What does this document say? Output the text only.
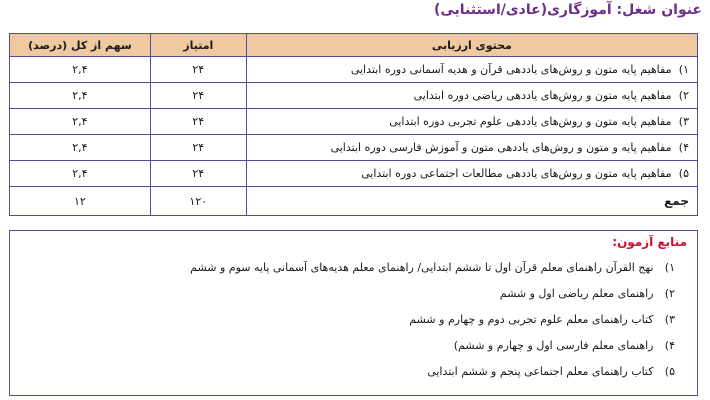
عنوان شغل: آموزگاری(عادی/استثنایی)
محتوی ارزیابی	امتیاز	سهم از کل (درصد)
۱) مفاهیم پایه متون و روش‌های یاددهی قرآن و هدیه آسمانی دوره ابتدایی	۲۴	۲,۴
۲) مفاهیم پایه متون و روش‌های یاددهی ریاضی دوره ابتدایی	۲۴	۲,۴
۳) مفاهیم پایه متون و روش‌های یاددهی علوم تجربی دوره ابتدایی	۲۴	۲,۴
۴) مفاهیم پایه و متون و روش‌های یاددهی متون و آموزش فارسی دوره ابتدایی	۲۴	۲,۴
۵) مفاهیم پایه متون و روش‌های یاددهی مطالعات اجتماعی دوره ابتدایی	۲۴	۲,۴
جمع	۱۲۰	۱۲
منابع آزمون:
۱) نهج القرآن راهنمای معلم قرآن اول تا ششم ابتدایی/ راهنمای معلم هدیه‌های آسمانی پایه سوم و ششم
۲) راهنمای معلم ریاضی اول و ششم
۳) کتاب راهنمای معلم علوم تجربی دوم و چهارم و ششم
۴) راهنمای معلم فارسی اول و چهارم و ششم)
۵) کتاب راهنمای معلم اجتماعی پنجم و ششم ابتدایی
